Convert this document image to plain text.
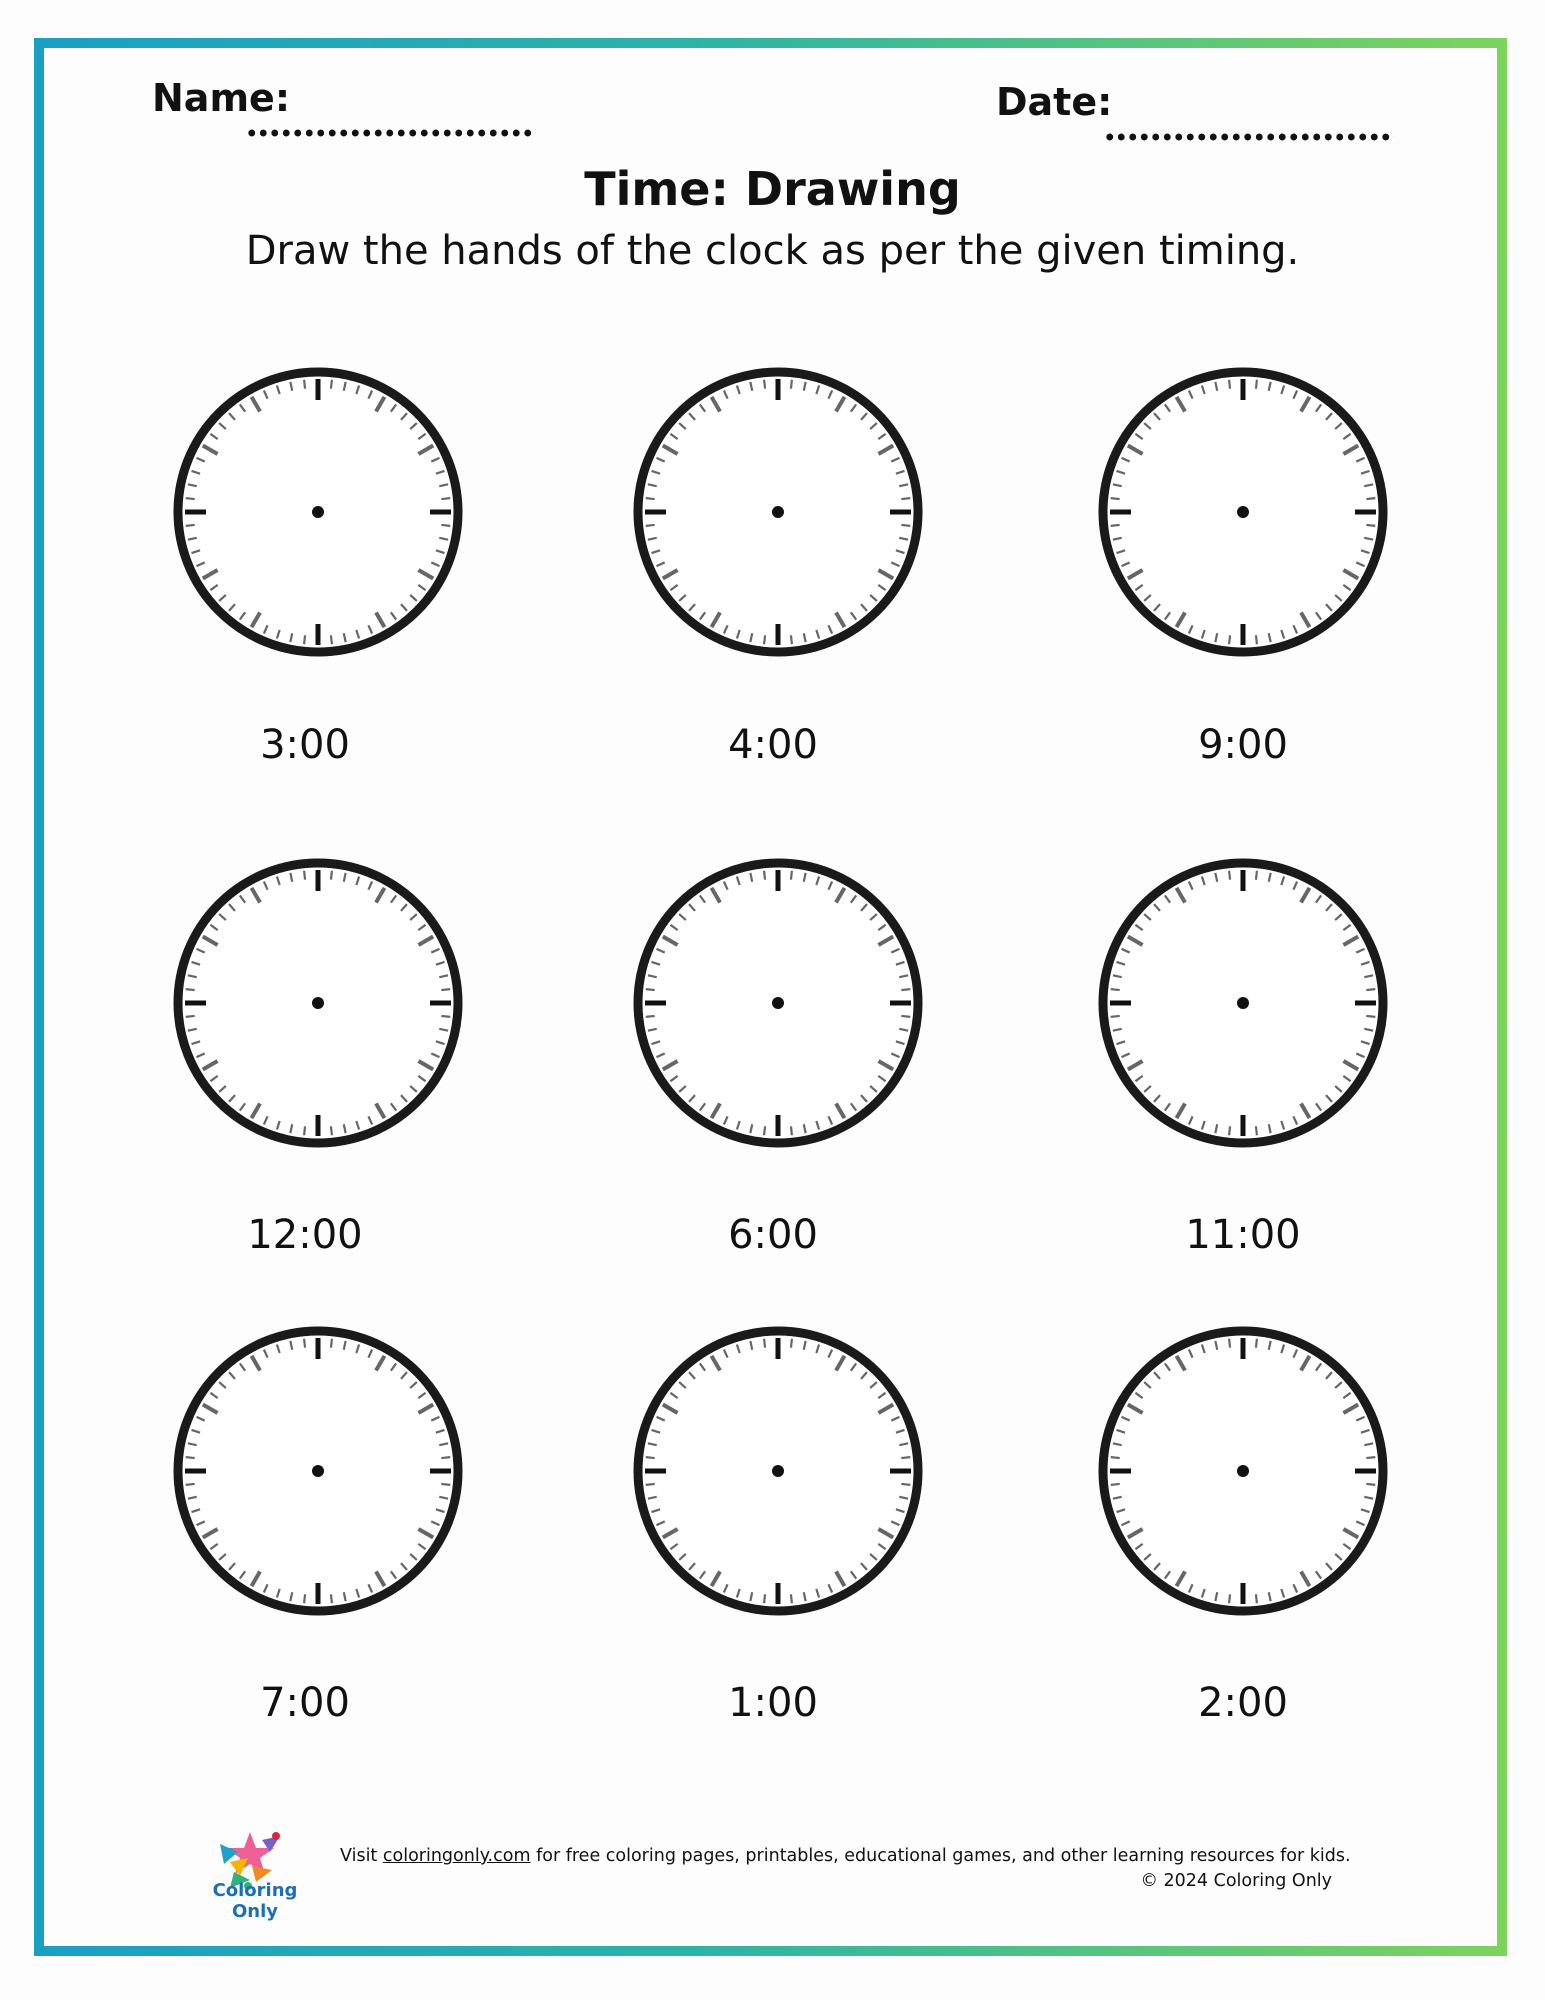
Name:	Date:
Time: Drawing
Draw the hands of the clock as per the given timing.
3:00	4:00	9:00
12:00	6:00	11:00
7:00	1:00	2:00
Coloring Only
Visit coloringonly.com for free coloring pages, printables, educational games, and other learning resources for kids.
© 2024 Coloring Only
